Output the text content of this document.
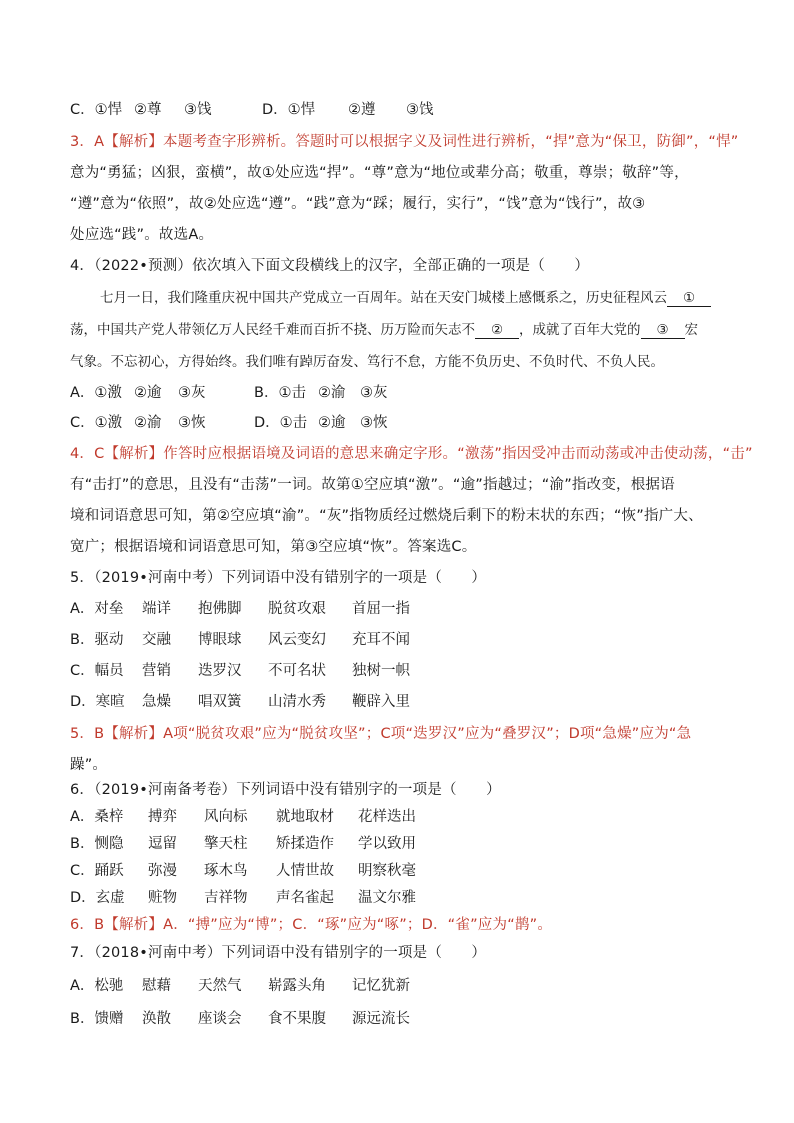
C．①悍 ②尊 ③饯	D．①悍 ②遵 ③饯
3．A【解析】本题考查字形辨析。答题时可以根据字义及词性进行辨析，“捍”意为“保卫，防御”，“悍”
意为“勇猛；凶狠，蛮横”，故①处应选“捍”。“尊”意为“地位或辈分高；敬重，尊崇；敬辞”等，
“遵”意为“依照”，故②处应选“遵”。“践”意为“踩；履行，实行”，“饯”意为“饯行”，故③
处应选“践”。故选A。
4．（2022•预测）依次填入下面文段横线上的汉字，全部正确的一项是（　　）
七月一日，我们隆重庆祝中国共产党成立一百周年。站在天安门城楼上感慨系之，历史征程风云 ①
荡，中国共产党人带领亿万人民经千难而百折不挠、历万险而矢志不 ② ，成就了百年大党的 ③ 宏
气象。不忘初心，方得始终。我们唯有踔厉奋发、笃行不怠，方能不负历史、不负时代、不负人民。
A．①激 ②逾 ③灰	B．①击 ②渝 ③灰
C．①激 ②渝 ③恢	D．①击 ②逾 ③恢
4．C【解析】作答时应根据语境及词语的意思来确定字形。“激荡”指因受冲击而动荡或冲击使动荡，“击”
有“击打”的意思，且没有“击荡”一词。故第①空应填“激”。“逾”指越过；“渝”指改变，根据语
境和词语意思可知，第②空应填“渝”。“灰”指物质经过燃烧后剩下的粉末状的东西；“恢”指广大、
宽广；根据语境和词语意思可知，第③空应填“恢”。答案选C。
5．（2019•河南中考）下列词语中没有错别字的一项是（　　）
A．对垒 端详 抱佛脚 脱贫攻艰 首屈一指
B．驱动 交融 博眼球 风云变幻 充耳不闻
C．幅员 营销 迭罗汉 不可名状 独树一帜
D．寒暄 急燥 唱双簧 山清水秀 鞭辟入里
5．B【解析】A项“脱贫攻艰”应为“脱贫攻坚”；C项“迭罗汉”应为“叠罗汉”；D项“急燥”应为“急
躁”。
6．（2019•河南备考卷）下列词语中没有错别字的一项是（　　）
A．桑梓 搏弈 风向标 就地取材 花样迭出
B．恻隐 逗留 擎天柱 矫揉造作 学以致用
C．踊跃 弥漫 琢木鸟 人情世故 明察秋毫
D．玄虚 赃物 吉祥物 声名雀起 温文尔雅
6．B【解析】A．“搏”应为“博”；C．“琢”应为“啄”；D．“雀”应为“鹊”。
7．（2018•河南中考）下列词语中没有错别字的一项是（　　）
A．松驰 慰藉 天然气 崭露头角 记忆犹新
B．馈赠 涣散 座谈会 食不果腹 源远流长
